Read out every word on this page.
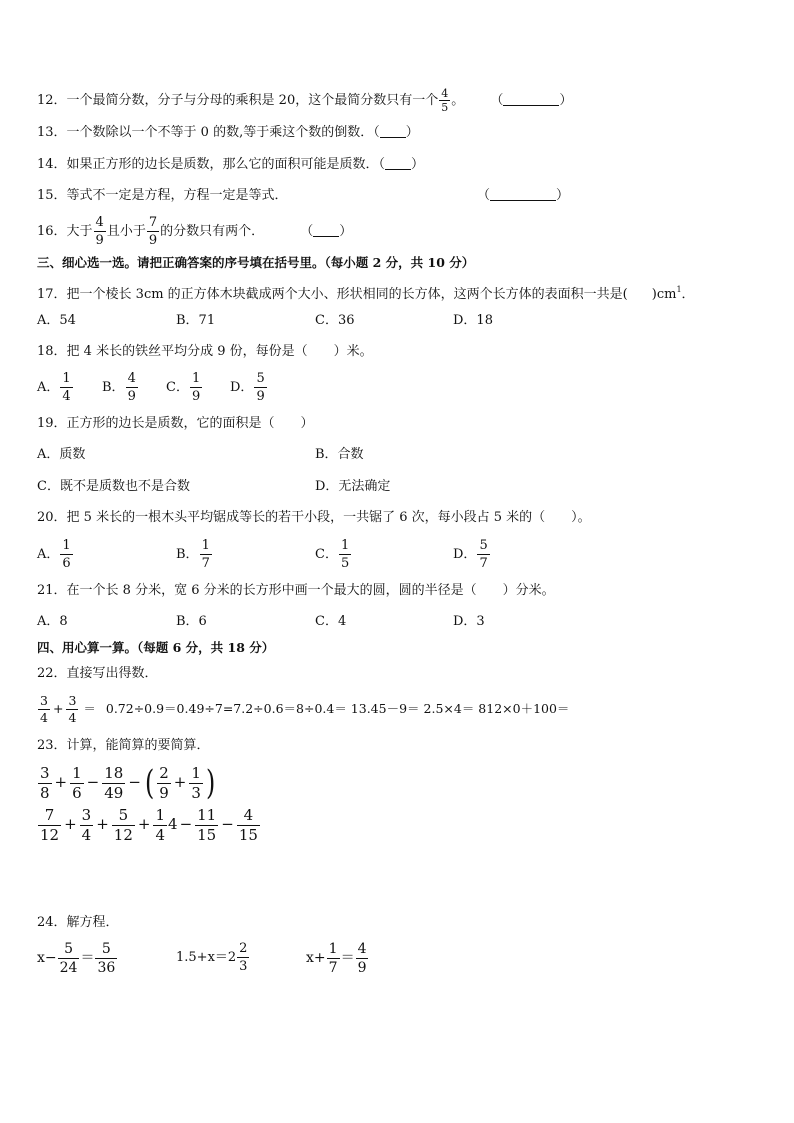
12．一个最简分数，分子与分母的乘积是 20，这个最简分数只有一个 $\frac{4}{5}$ 。 （	）
13．一个数除以一个不等于 0 的数,等于乘这个数的倒数．（ ）
14．如果正方形的边长是质数，那么它的面积可能是质数．（ ）
15．等式不一定是方程，方程一定是等式．	（	）
16．大于 $\frac{4}{9}$ 且小于 $\frac{7}{9}$ 的分数只有两个．	（ ）
三、细心选一选。请把正确答案的序号填在括号里。（每小题 2 分，共 10 分）
17．把一个棱长 3cm 的正方体木块截成两个大小、形状相同的长方体，这两个长方体的表面积一共是( )$cm^1$．
A．54	B．71	C．36	D．18
18．把 4 米长的铁丝平均分成 9 份，每份是（　　）米。
A． $\frac{1}{4}$ B． $\frac{4}{9}$ C． $\frac{1}{9}$ D． $\frac{5}{9}$
19．正方形的边长是质数，它的面积是（　　）
A．质数	B．合数
C．既不是质数也不是合数	D．无法确定
20．把 5 米长的一根木头平均锯成等长的若干小段，一共锯了 6 次，每小段占 5 米的（　　）。
A． $\frac{1}{6}$	B． $\frac{1}{7}$	C． $\frac{1}{5}$	D． $\frac{5}{7}$
21．在一个长 8 分米，宽 6 分米的长方形中画一个最大的圆，圆的半径是（　　）分米。
A．8	B．6	C．4	D．3
四、用心算一算。（每题 6 分，共 18 分）
22．直接写出得数．
$\frac{3}{4} + \frac{3}{4} = 0.72\div 0.9=0.49\div 7=7.2\div 0.6=8\div 0.4= 13.45-9= 2.5\times 4= 812\times 0+100=$
23．计算，能简算的要简算．
$\frac{3}{8} + \frac{1}{6} - \frac{18}{49}$ − ( $\frac{2}{9} + \frac{1}{3}$ )
$\frac{7}{12} + \frac{3}{4} + \frac{5}{12} + \frac{1}{4} 4 - \frac{11}{15} - \frac{4}{15}$
24．解方程．
$x- \frac{5}{24} = \frac{5}{36}$	$1.5+x=2 \frac{2}{3}$	$x+ \frac{1}{7} = \frac{4}{9}$
